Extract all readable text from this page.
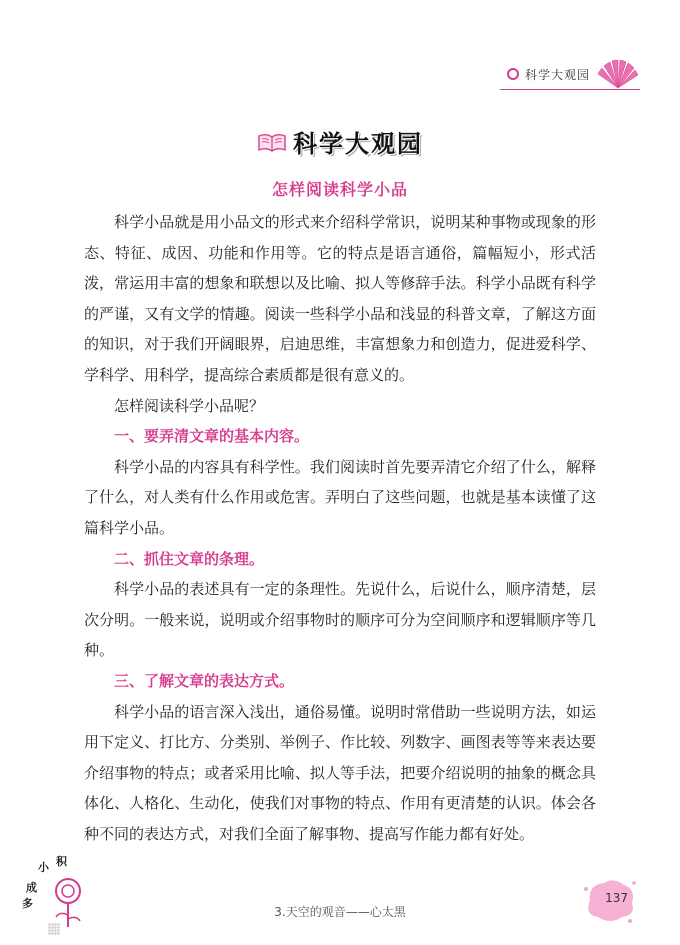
科学大观园
科学大观园
怎样阅读科学小品

科学小品就是用小品文的形式来介绍科学常识，说明某种事物或现象的形态、特征、成因、功能和作用等。它的特点是语言通俗，篇幅短小，形式活泼，常运用丰富的想象和联想以及比喻、拟人等修辞手法。科学小品既有科学的严谨，又有文学的情趣。阅读一些科学小品和浅显的科普文章，了解这方面的知识，对于我们开阔眼界，启迪思维，丰富想象力和创造力，促进爱科学、学科学、用科学，提高综合素质都是很有意义的。

怎样阅读科学小品呢？

一、要弄清文章的基本内容。

科学小品的内容具有科学性。我们阅读时首先要弄清它介绍了什么，解释了什么，对人类有什么作用或危害。弄明白了这些问题，也就是基本读懂了这篇科学小品。

二、抓住文章的条理。

科学小品的表述具有一定的条理性。先说什么，后说什么，顺序清楚，层次分明。一般来说，说明或介绍事物时的顺序可分为空间顺序和逻辑顺序等几种。

三、了解文章的表达方式。

科学小品的语言深入浅出，通俗易懂。说明时常借助一些说明方法，如运用下定义、打比方、分类别、举例子、作比较、列数字、画图表等等来表达要介绍事物的特点；或者采用比喻、拟人等手法，把要介绍说明的抽象的概念具体化、人格化、生动化，使我们对事物的特点、作用有更清楚的认识。体会各种不同的表达方式，对我们全面了解事物、提高写作能力都有好处。

小 积
成
多
3.天空的观音——心太黑
137
